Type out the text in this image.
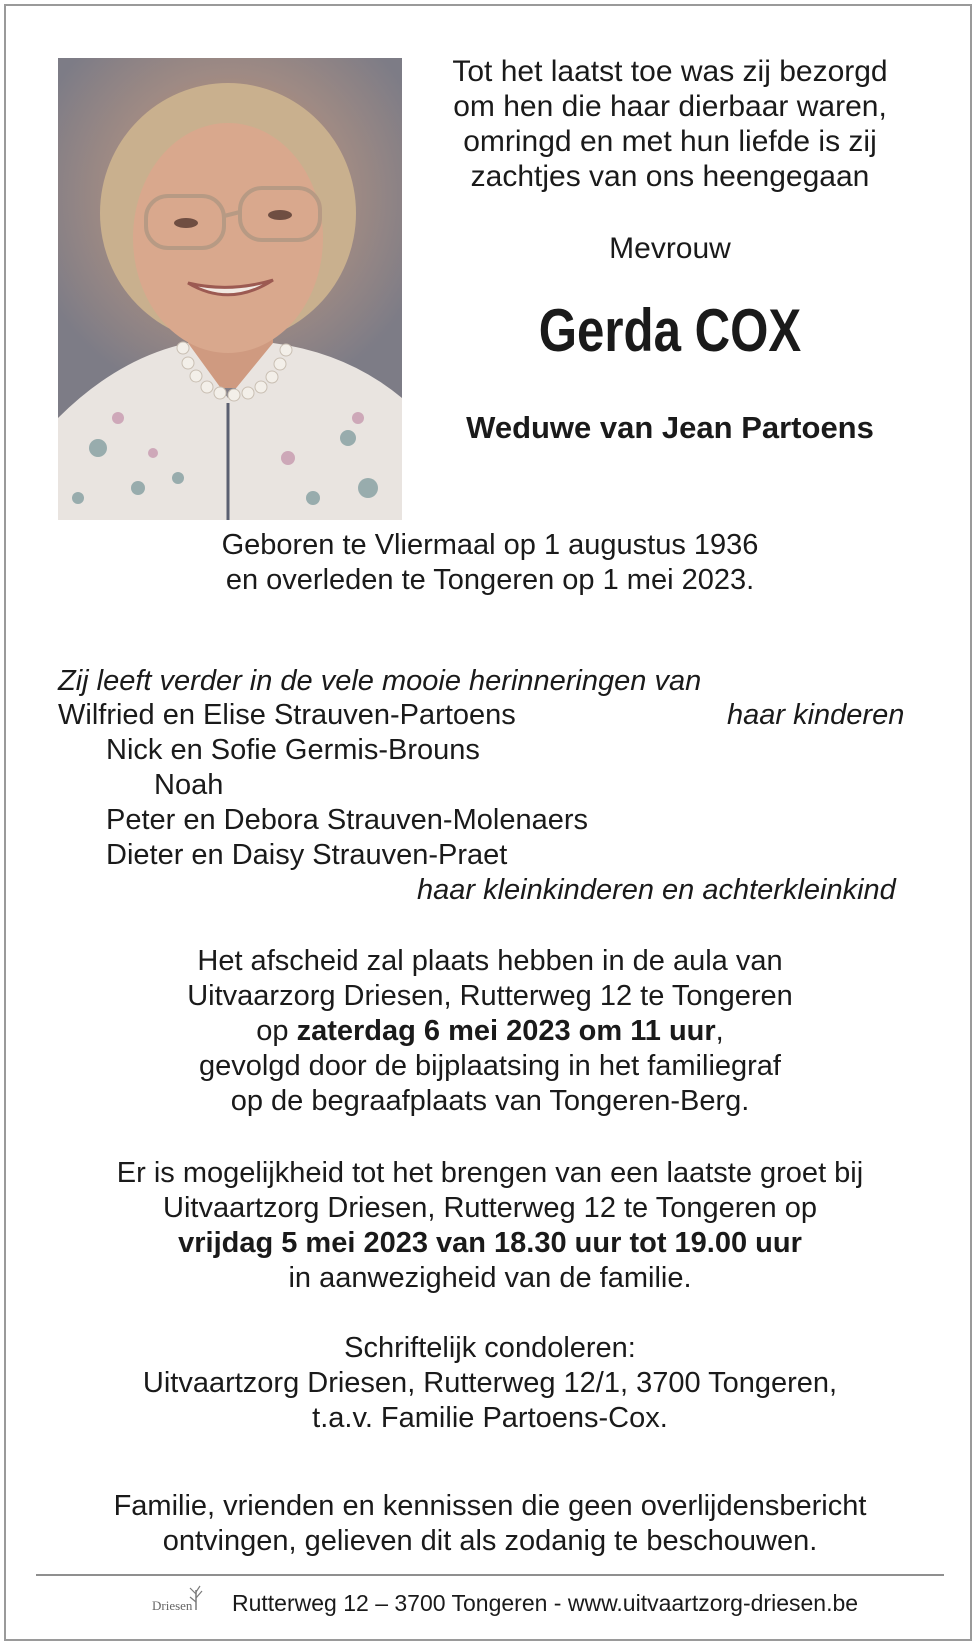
Tot het laatst toe was zij bezorgd
om hen die haar dierbaar waren,
omringd en met hun liefde is zij
zachtjes van ons heengegaan
Mevrouw
Gerda COX
Weduwe van Jean Partoens
Geboren te Vliermaal op 1 augustus 1936
en overleden te Tongeren op 1 mei 2023.
Zij leeft verder in de vele mooie herinneringen van
Wilfried en Elise Strauven-Partoens	haar kinderen
Nick en Sofie Germis-Brouns
Noah
Peter en Debora Strauven-Molenaers
Dieter en Daisy Strauven-Praet
haar kleinkinderen en achterkleinkind
Het afscheid zal plaats hebben in de aula van
Uitvaarzorg Driesen, Rutterweg 12 te Tongeren
op zaterdag 6 mei 2023 om 11 uur,
gevolgd door de bijplaatsing in het familiegraf
op de begraafplaats van Tongeren-Berg.
Er is mogelijkheid tot het brengen van een laatste groet bij
Uitvaartzorg Driesen, Rutterweg 12 te Tongeren op
vrijdag 5 mei 2023 van 18.30 uur tot 19.00 uur
in aanwezigheid van de familie.
Schriftelijk condoleren:
Uitvaartzorg Driesen, Rutterweg 12/1, 3700 Tongeren,
t.a.v. Familie Partoens-Cox.
Familie, vrienden en kennissen die geen overlijdensbericht
ontvingen, gelieven dit als zodanig te beschouwen.
Driesen Rutterweg 12 – 3700 Tongeren - www.uitvaartzorg-driesen.be
